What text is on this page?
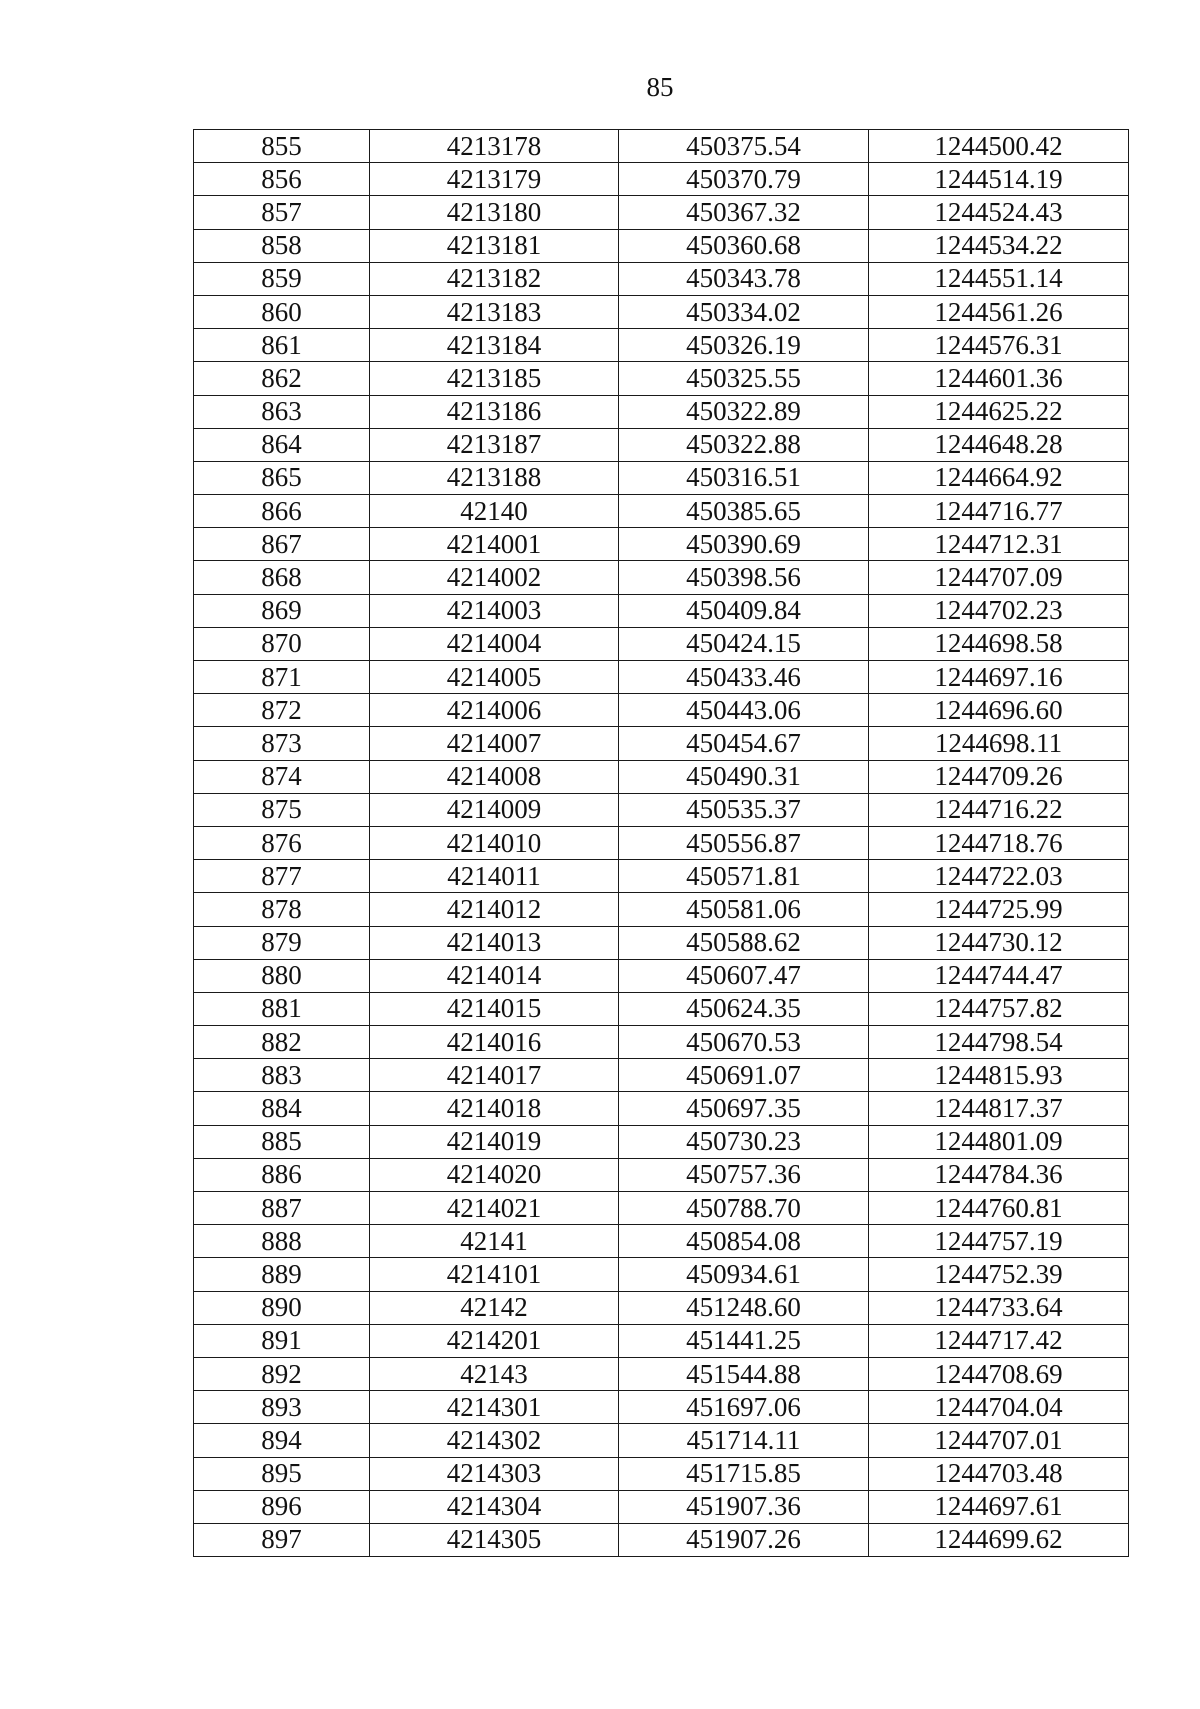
85
855	4213178	450375.54	1244500.42
856	4213179	450370.79	1244514.19
857	4213180	450367.32	1244524.43
858	4213181	450360.68	1244534.22
859	4213182	450343.78	1244551.14
860	4213183	450334.02	1244561.26
861	4213184	450326.19	1244576.31
862	4213185	450325.55	1244601.36
863	4213186	450322.89	1244625.22
864	4213187	450322.88	1244648.28
865	4213188	450316.51	1244664.92
866	42140	450385.65	1244716.77
867	4214001	450390.69	1244712.31
868	4214002	450398.56	1244707.09
869	4214003	450409.84	1244702.23
870	4214004	450424.15	1244698.58
871	4214005	450433.46	1244697.16
872	4214006	450443.06	1244696.60
873	4214007	450454.67	1244698.11
874	4214008	450490.31	1244709.26
875	4214009	450535.37	1244716.22
876	4214010	450556.87	1244718.76
877	4214011	450571.81	1244722.03
878	4214012	450581.06	1244725.99
879	4214013	450588.62	1244730.12
880	4214014	450607.47	1244744.47
881	4214015	450624.35	1244757.82
882	4214016	450670.53	1244798.54
883	4214017	450691.07	1244815.93
884	4214018	450697.35	1244817.37
885	4214019	450730.23	1244801.09
886	4214020	450757.36	1244784.36
887	4214021	450788.70	1244760.81
888	42141	450854.08	1244757.19
889	4214101	450934.61	1244752.39
890	42142	451248.60	1244733.64
891	4214201	451441.25	1244717.42
892	42143	451544.88	1244708.69
893	4214301	451697.06	1244704.04
894	4214302	451714.11	1244707.01
895	4214303	451715.85	1244703.48
896	4214304	451907.36	1244697.61
897	4214305	451907.26	1244699.62
